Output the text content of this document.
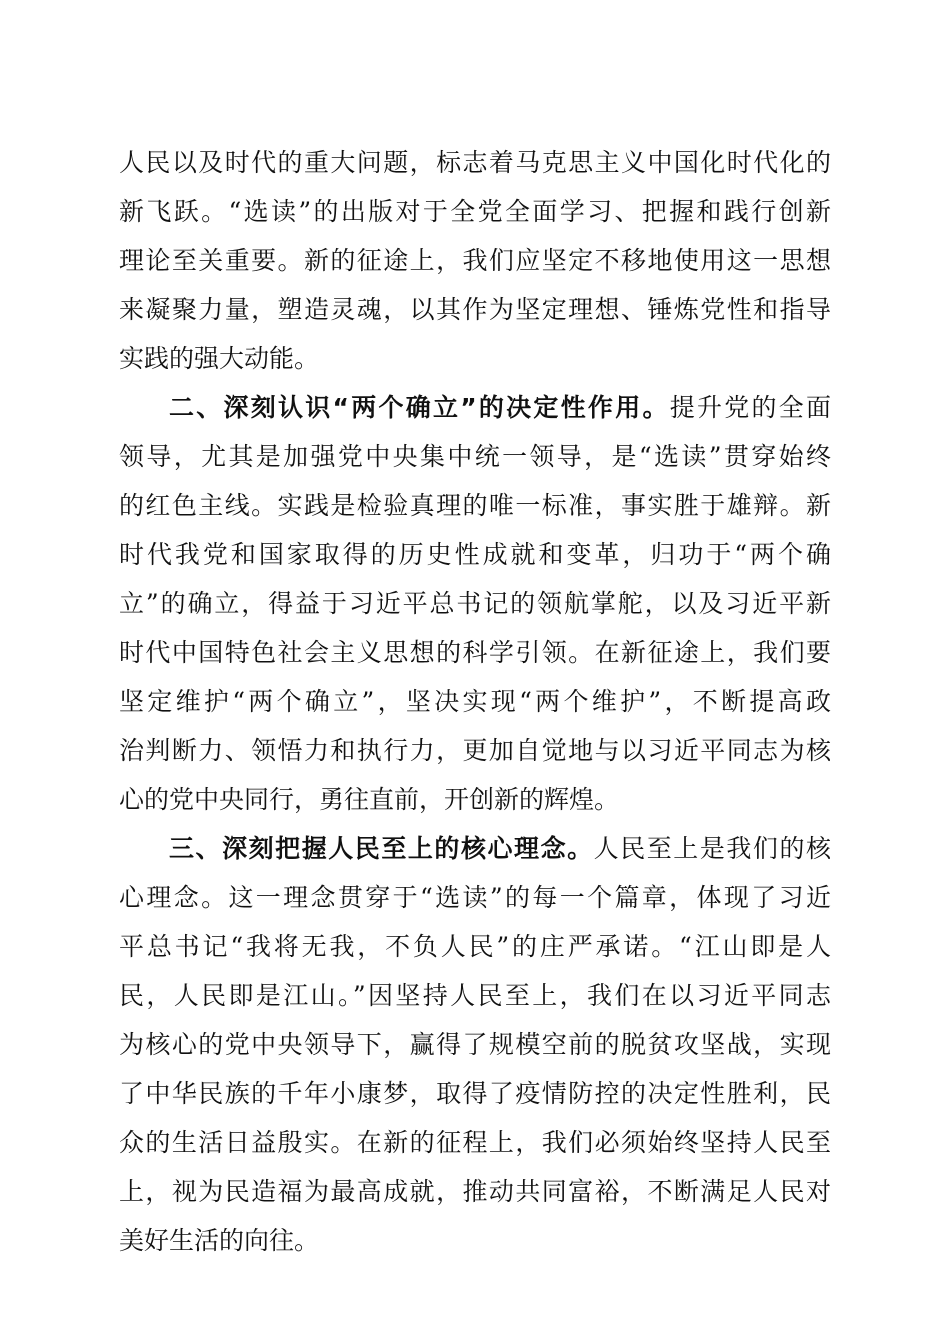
人民以及时代的重大问题，标志着马克思主义中国化时代化的
新飞跃。“选读”的出版对于全党全面学习、把握和践行创新
理论至关重要。新的征途上，我们应坚定不移地使用这一思想
来凝聚力量，塑造灵魂，以其作为坚定理想、锤炼党性和指导
实践的强大动能。
二、深刻认识“两个确立”的决定性作用。提升党的全面
领导，尤其是加强党中央集中统一领导，是“选读”贯穿始终
的红色主线。实践是检验真理的唯一标准，事实胜于雄辩。新
时代我党和国家取得的历史性成就和变革，归功于“两个确
立”的确立，得益于习近平总书记的领航掌舵，以及习近平新
时代中国特色社会主义思想的科学引领。在新征途上，我们要
坚定维护“两个确立”，坚决实现“两个维护”，不断提高政
治判断力、领悟力和执行力，更加自觉地与以习近平同志为核
心的党中央同行，勇往直前，开创新的辉煌。
三、深刻把握人民至上的核心理念。人民至上是我们的核
心理念。这一理念贯穿于“选读”的每一个篇章，体现了习近
平总书记“我将无我，不负人民”的庄严承诺。“江山即是人
民，人民即是江山。”因坚持人民至上，我们在以习近平同志
为核心的党中央领导下，赢得了规模空前的脱贫攻坚战，实现
了中华民族的千年小康梦，取得了疫情防控的决定性胜利，民
众的生活日益殷实。在新的征程上，我们必须始终坚持人民至
上，视为民造福为最高成就，推动共同富裕，不断满足人民对
美好生活的向往。
